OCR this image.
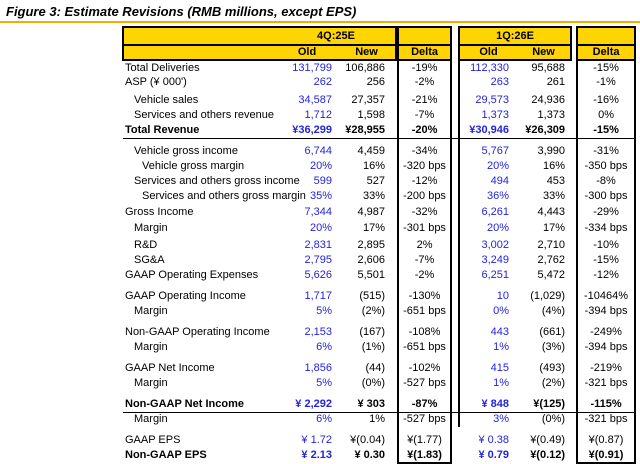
Figure 3: Estimate Revisions (RMB millions, except EPS)
4Q:25E						1Q:26E			
	Old	New		Delta		Old	New		Delta
Total Deliveries	131,799	106,886		-19%		112,330	95,688		-15%
ASP (¥ 000')	262	256		-2%		263	261		-1%

Vehicle sales	34,587	27,357		-21%		29,573	24,936		-16%
Services and others revenue	1,712	1,598		-7%		1,373	1,373		0%
Total Revenue	¥36,299	¥28,955		-20%		¥30,946	¥26,309		-15%

Vehicle gross income	6,744	4,459		-34%		5,767	3,990		-31%
Vehicle gross margin	20%	16%		-320 bps		20%	16%		-350 bps
Services and others gross income	599	527		-12%		494	453		-8%
Services and others gross margin	35%	33%		-200 bps		36%	33%		-300 bps

Gross Income	7,344	4,987		-32%		6,261	4,443		-29%

Margin	20%	17%		-301 bps		20%	17%		-334 bps

R&D	2,831	2,895		2%		3,002	2,710		-10%
SG&A	2,795	2,606		-7%		3,249	2,762		-15%
GAAP Operating Expenses	5,626	5,501		-2%		6,251	5,472		-12%

GAAP Operating Income	1,717	(515)		-130%		10	(1,029)		-10464%
Margin	5%	(2%)		-651 bps		0%	(4%)		-394 bps

Non-GAAP Operating Income	2,153	(167)		-108%		443	(661)		-249%
Margin	6%	(1%)		-651 bps		1%	(3%)		-394 bps

GAAP Net Income	1,856	(44)		-102%		415	(493)		-219%
Margin	5%	(0%)		-527 bps		1%	(2%)		-321 bps

Non-GAAP Net Income	¥ 2,292	¥ 303		-87%		¥ 848	¥(125)		-115%
Margin	6%	1%		-527 bps		3%	(0%)		-321 bps

GAAP EPS	¥ 1.72	¥(0.04)		¥(1.77)		¥ 0.38	¥(0.49)		¥(0.87)
Non-GAAP EPS	¥ 2.13	¥ 0.30		¥(1.83)		¥ 0.79	¥(0.12)		¥(0.91)
